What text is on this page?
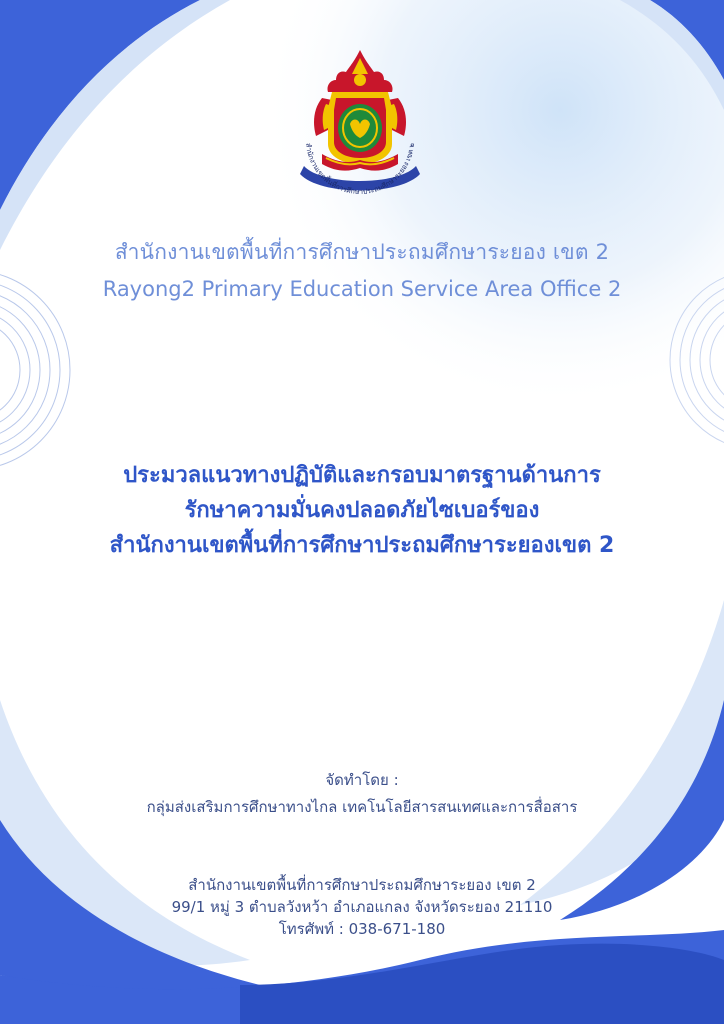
สำนักงานเขตพื้นที่การศึกษาประถมศึกษาระยอง เขต ๒
สำนักงานเขตพื้นที่การศึกษาประถมศึกษาระยอง เขต 2
Rayong2 Primary Education Service Area Office 2
ประมวลแนวทางปฏิบัติและกรอบมาตรฐานด้านการ
รักษาความมั่นคงปลอดภัยไซเบอร์ของ
สำนักงานเขตพื้นที่การศึกษาประถมศึกษาระยองเขต 2
จัดทำโดย :
กลุ่มส่งเสริมการศึกษาทางไกล เทคโนโลยีสารสนเทศและการสื่อสาร
สำนักงานเขตพื้นที่การศึกษาประถมศึกษาระยอง เขต 2
99/1 หมู่ 3 ตำบลวังหว้า อำเภอแกลง จังหวัดระยอง 21110
โทรศัพท์ : 038-671-180
